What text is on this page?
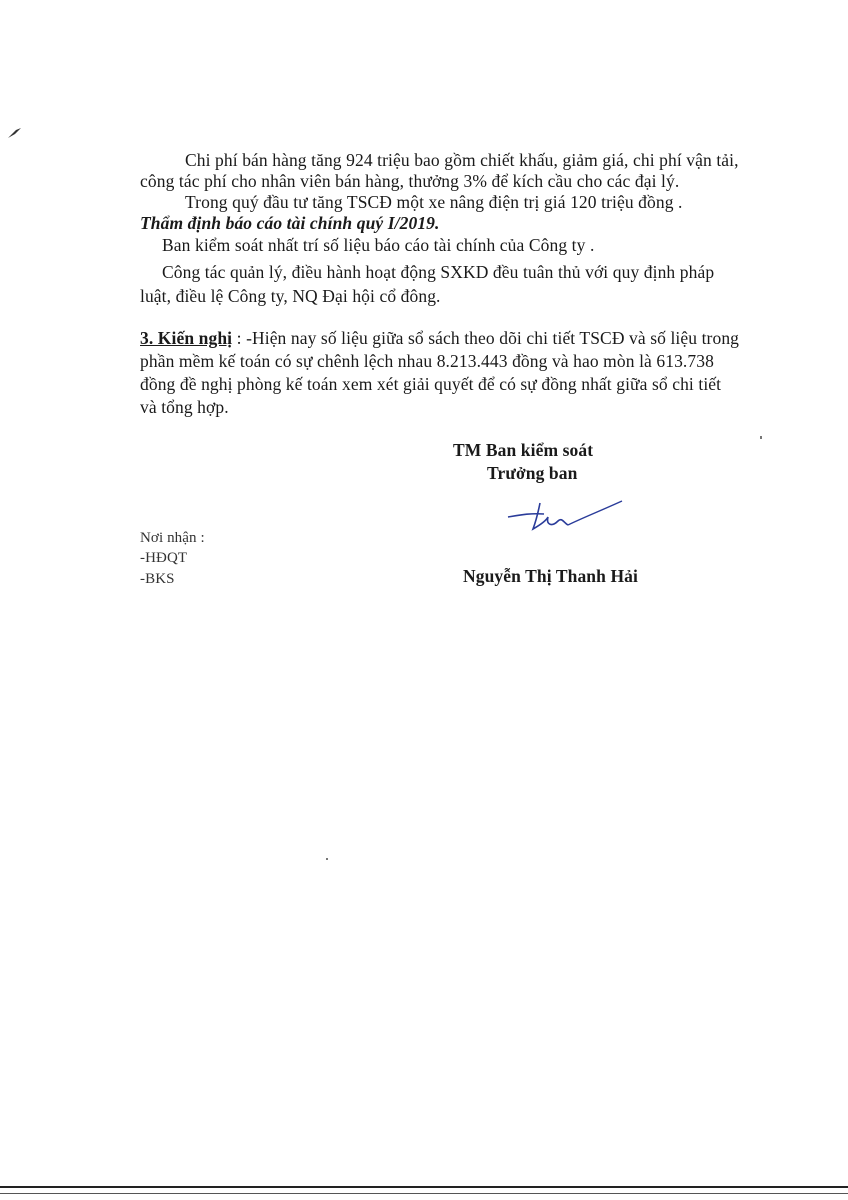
Chi phí bán hàng tăng 924 triệu bao gồm chiết khấu, giảm giá, chi phí vận tải,
công tác phí cho nhân viên bán hàng, thưởng 3% để kích cầu cho các đại lý.
Trong quý đầu tư tăng TSCĐ một xe nâng điện trị giá 120 triệu đồng .
Thẩm định báo cáo tài chính quý I/2019.
Ban kiểm soát nhất trí số liệu báo cáo tài chính của Công ty .
Công tác quản lý, điều hành hoạt động SXKD đều tuân thủ với quy định pháp
luật, điều lệ Công ty, NQ Đại hội cổ đông.
3. Kiến nghị : -Hiện nay số liệu giữa sổ sách theo dõi chi tiết TSCĐ và số liệu trong
phần mềm kế toán có sự chênh lệch nhau 8.213.443 đồng và hao mòn là 613.738
đồng đề nghị phòng kế toán xem xét giải quyết để có sự đồng nhất giữa sổ chi tiết
và tổng hợp.
TM Ban kiểm soát
Trưởng ban
Nơi nhận :
-HĐQT
-BKS	Nguyễn Thị Thanh Hải
